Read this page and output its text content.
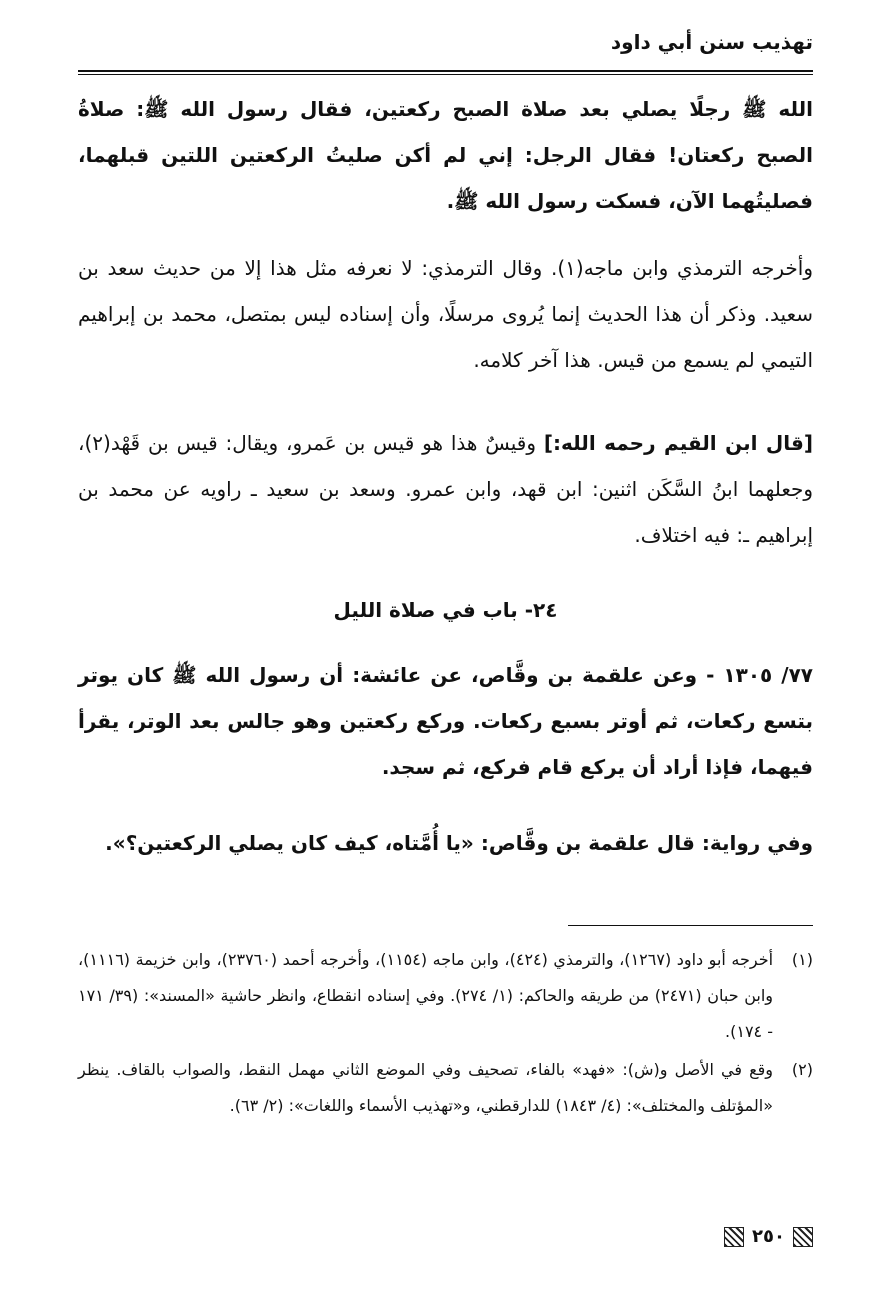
تهذيب سنن أبي داود

الله ﷺ رجلًا يصلي بعد صلاة الصبح ركعتين، فقال رسول الله ﷺ: صلاةُ الصبح ركعتان! فقال الرجل: إني لم أكن صليتُ الركعتين اللتين قبلهما، فصليتُهما الآن، فسكت رسول الله ﷺ.

وأخرجه الترمذي وابن ماجه(١). وقال الترمذي: لا نعرفه مثل هذا إلا من حديث سعد بن سعيد. وذكر أن هذا الحديث إنما يُروى مرسلًا، وأن إسناده ليس بمتصل، محمد بن إبراهيم التيمي لم يسمع من قيس. هذا آخر كلامه.

[قال ابن القيم رحمه الله:] وقيسٌ هذا هو قيس بن عَمرو، ويقال: قيس بن قَهْد(٢)، وجعلهما ابنُ السَّكَن اثنين: ابن قهد، وابن عمرو. وسعد بن سعيد ـ راويه عن محمد بن إبراهيم ـ: فيه اختلاف.

٢٤- باب في صلاة الليل

٧٧/ ١٣٠٥ - وعن علقمة بن وقَّاص، عن عائشة: أن رسول الله ﷺ كان يوتر بتسع ركعات، ثم أوتر بسبع ركعات. وركع ركعتين وهو جالس بعد الوتر، يقرأ فيهما، فإذا أراد أن يركع قام فركع، ثم سجد.

وفي رواية: قال علقمة بن وقَّاص: «يا أُمَّتاه، كيف كان يصلي الركعتين؟».

(١)
أخرجه أبو داود (١٢٦٧)، والترمذي (٤٢٤)، وابن ماجه (١١٥٤)، وأخرجه أحمد (٢٣٧٦٠)، وابن خزيمة (١١١٦)، وابن حبان (٢٤٧١) من طريقه والحاكم: (١/ ٢٧٤). وفي إسناده انقطاع، وانظر حاشية «المسند»: (٣٩/ ١٧١ - ١٧٤).
(٢)
وقع في الأصل و(ش): «فهد» بالفاء، تصحيف وفي الموضع الثاني مهمل النقط، والصواب بالقاف. ينظر «المؤتلف والمختلف»: (٤/ ١٨٤٣) للدارقطني، و«تهذيب الأسماء واللغات»: (٢/ ٦٣).
٢٥٠
